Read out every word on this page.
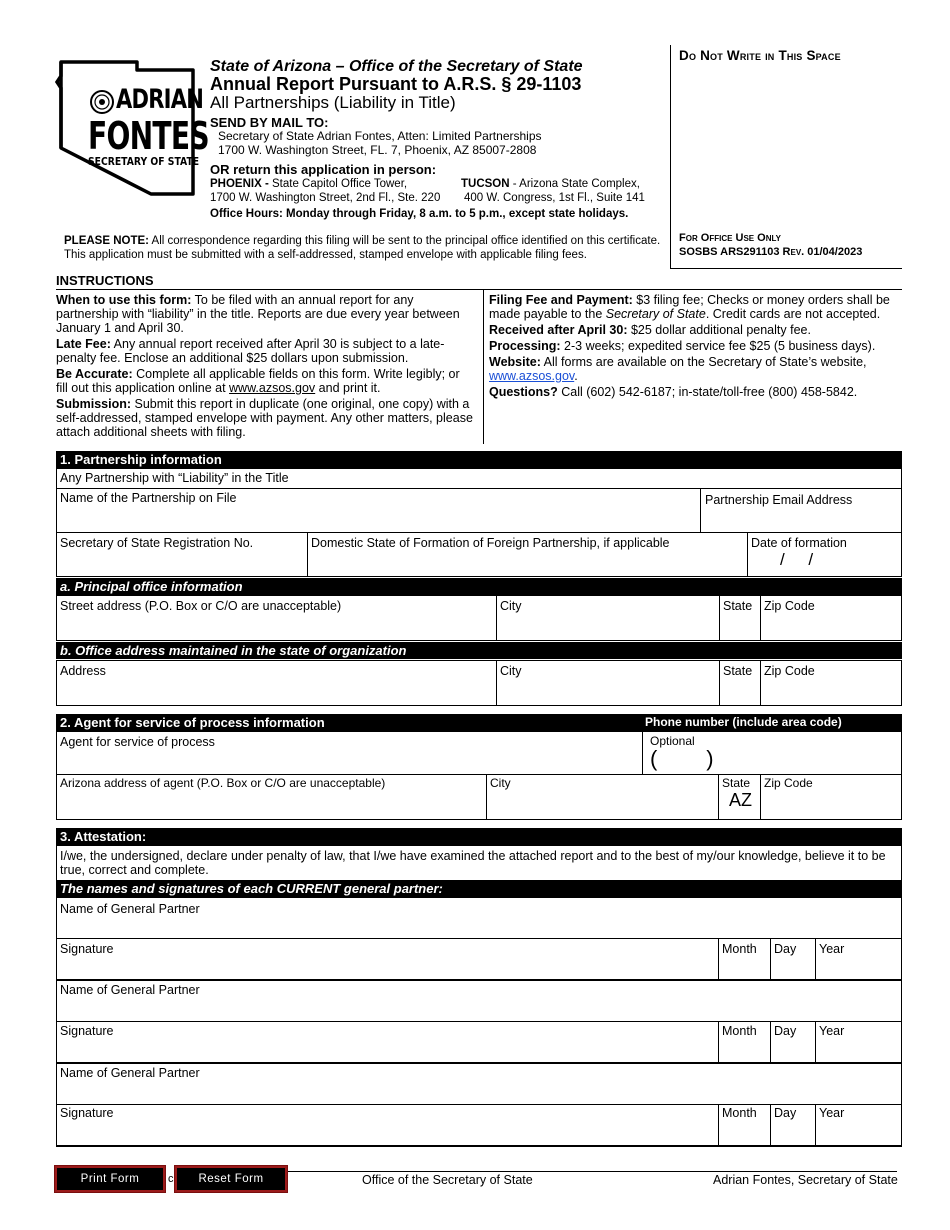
ADRIAN
FONTES
SECRETARY OF STATE
State of Arizona – Office of the Secretary of State
Annual Report Pursuant to A.R.S. § 29-1103
All Partnerships (Liability in Title)
SEND BY MAIL TO:
Secretary of State Adrian Fontes, Atten: Limited Partnerships
1700 W. Washington Street, FL. 7, Phoenix, AZ 85007-2808
OR return this application in person:
PHOENIX - State Capitol Office Tower,
1700 W. Washington Street, 2nd Fl., Ste. 220
TUCSON - Arizona State Complex,
400 W. Congress, 1st Fl., Suite 141
Office Hours: Monday through Friday, 8 a.m. to 5 p.m., except state holidays.
PLEASE NOTE: All correspondence regarding this filing will be sent to the principal office identified on this certificate.
This application must be submitted with a self-addressed, stamped envelope with applicable filing fees.
Do Not Write in This Space
For Office Use Only
SOSBS ARS291103 Rev. 01/04/2023
INSTRUCTIONS

When to use this form: To be filed with an annual report for any partnership with “liability” in the title. Reports are due every year between January 1 and April 30.

Late Fee: Any annual report received after April 30 is subject to a late-penalty fee. Enclose an additional $25 dollars upon submission.

Be Accurate: Complete all applicable fields on this form. Write legibly; or fill out this application online at www.azsos.gov and print it.

Submission: Submit this report in duplicate (one original, one copy) with a self-addressed, stamped envelope with payment. Any other matters, please attach additional sheets with filing.

Filing Fee and Payment: $3 filing fee; Checks or money orders shall be made payable to the Secretary of State. Credit cards are not accepted.

Received after April 30: $25 dollar additional penalty fee.

Processing: 2-3 weeks; expedited service fee $25 (5 business days).

Website: All forms are available on the Secretary of State’s website,
www.azsos.gov.

Questions? Call (602) 542-6187; in-state/toll-free (800) 458-5842.

1. Partnership information
Any Partnership with “Liability” in the Title
Name of the Partnership on File	Partnership Email Address
Secretary of State Registration No.	Domestic State of Formation of Foreign Partnership, if applicable	Date of formation
/     /
a. Principal office information
Street address (P.O. Box or C/O are unacceptable)	City	State Zip Code
b. Office address maintained in the state of organization
Address	City	State Zip Code
2. Agent for service of process information	Phone number (include area code)
Agent for service of process	Optional
(        )
Arizona address of agent (P.O. Box or C/O are unacceptable)	City	State
AZ
Zip Code
3. Attestation:
I/we, the undersigned, declare under penalty of law, that I/we have examined the attached report and to the best of my/our knowledge, believe it to be true, correct and complete.
The names and signatures of each CURRENT general partner:
Name of General Partner
Signature	Month	Day	Year
Name of General Partner
Signature	Month	Day	Year
Name of General Partner
Signature	Month	Day	Year
Print Form	c	Reset Form	Office of the Secretary of State	Adrian Fontes, Secretary of State
